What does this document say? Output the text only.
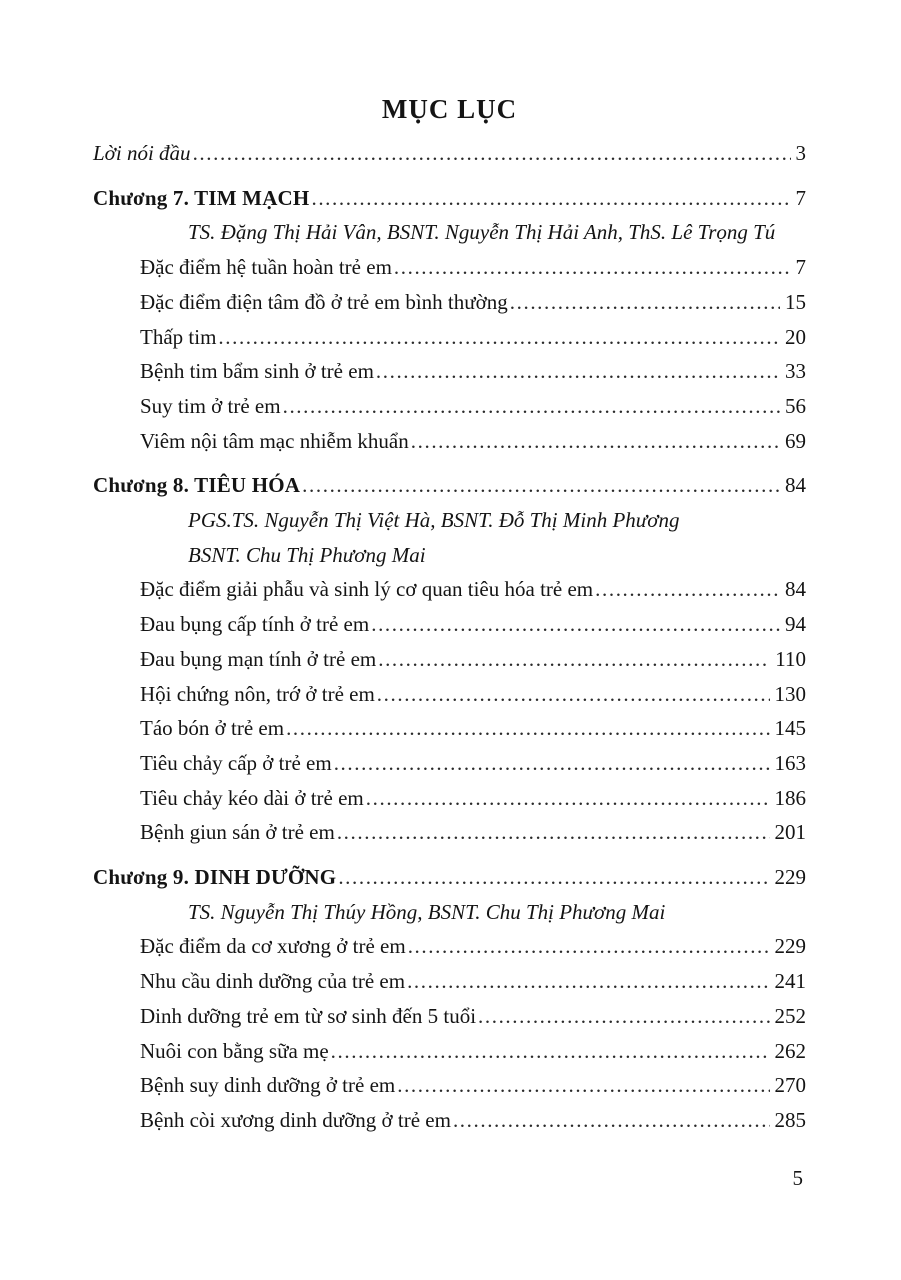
MỤC LỤC
Lời nói đầu .....	3
Chương 7. TIM MẠCH .....	7
TS. Đặng Thị Hải Vân, BSNT. Nguyễn Thị Hải Anh, ThS. Lê Trọng Tú
Đặc điểm hệ tuần hoàn trẻ em .....	7
Đặc điểm điện tâm đồ ở trẻ em bình thường .....	15
Thấp tim .....	20
Bệnh tim bẩm sinh ở trẻ em .....	33
Suy tim ở trẻ em .....	56
Viêm nội tâm mạc nhiễm khuẩn .....	69
Chương 8. TIÊU HÓA .....	84
PGS.TS. Nguyễn Thị Việt Hà, BSNT. Đỗ Thị Minh Phương
BSNT. Chu Thị Phương Mai
Đặc điểm giải phẫu và sinh lý cơ quan tiêu hóa trẻ em .....	84
Đau bụng cấp tính ở trẻ em .....	94
Đau bụng mạn tính ở trẻ em .....	110
Hội chứng nôn, trớ ở trẻ em .....	130
Táo bón ở trẻ em .....	145
Tiêu chảy cấp ở trẻ em .....	163
Tiêu chảy kéo dài ở trẻ em .....	186
Bệnh giun sán ở trẻ em .....	201
Chương 9. DINH DƯỠNG .....	229
TS. Nguyễn Thị Thúy Hồng, BSNT. Chu Thị Phương Mai
Đặc điểm da cơ xương ở trẻ em .....	229
Nhu cầu dinh dưỡng của trẻ em .....	241
Dinh dưỡng trẻ em từ sơ sinh đến 5 tuổi .....	252
Nuôi con bằng sữa mẹ .....	262
Bệnh suy dinh dưỡng ở trẻ em .....	270
Bệnh còi xương dinh dưỡng ở trẻ em .....	285
5
